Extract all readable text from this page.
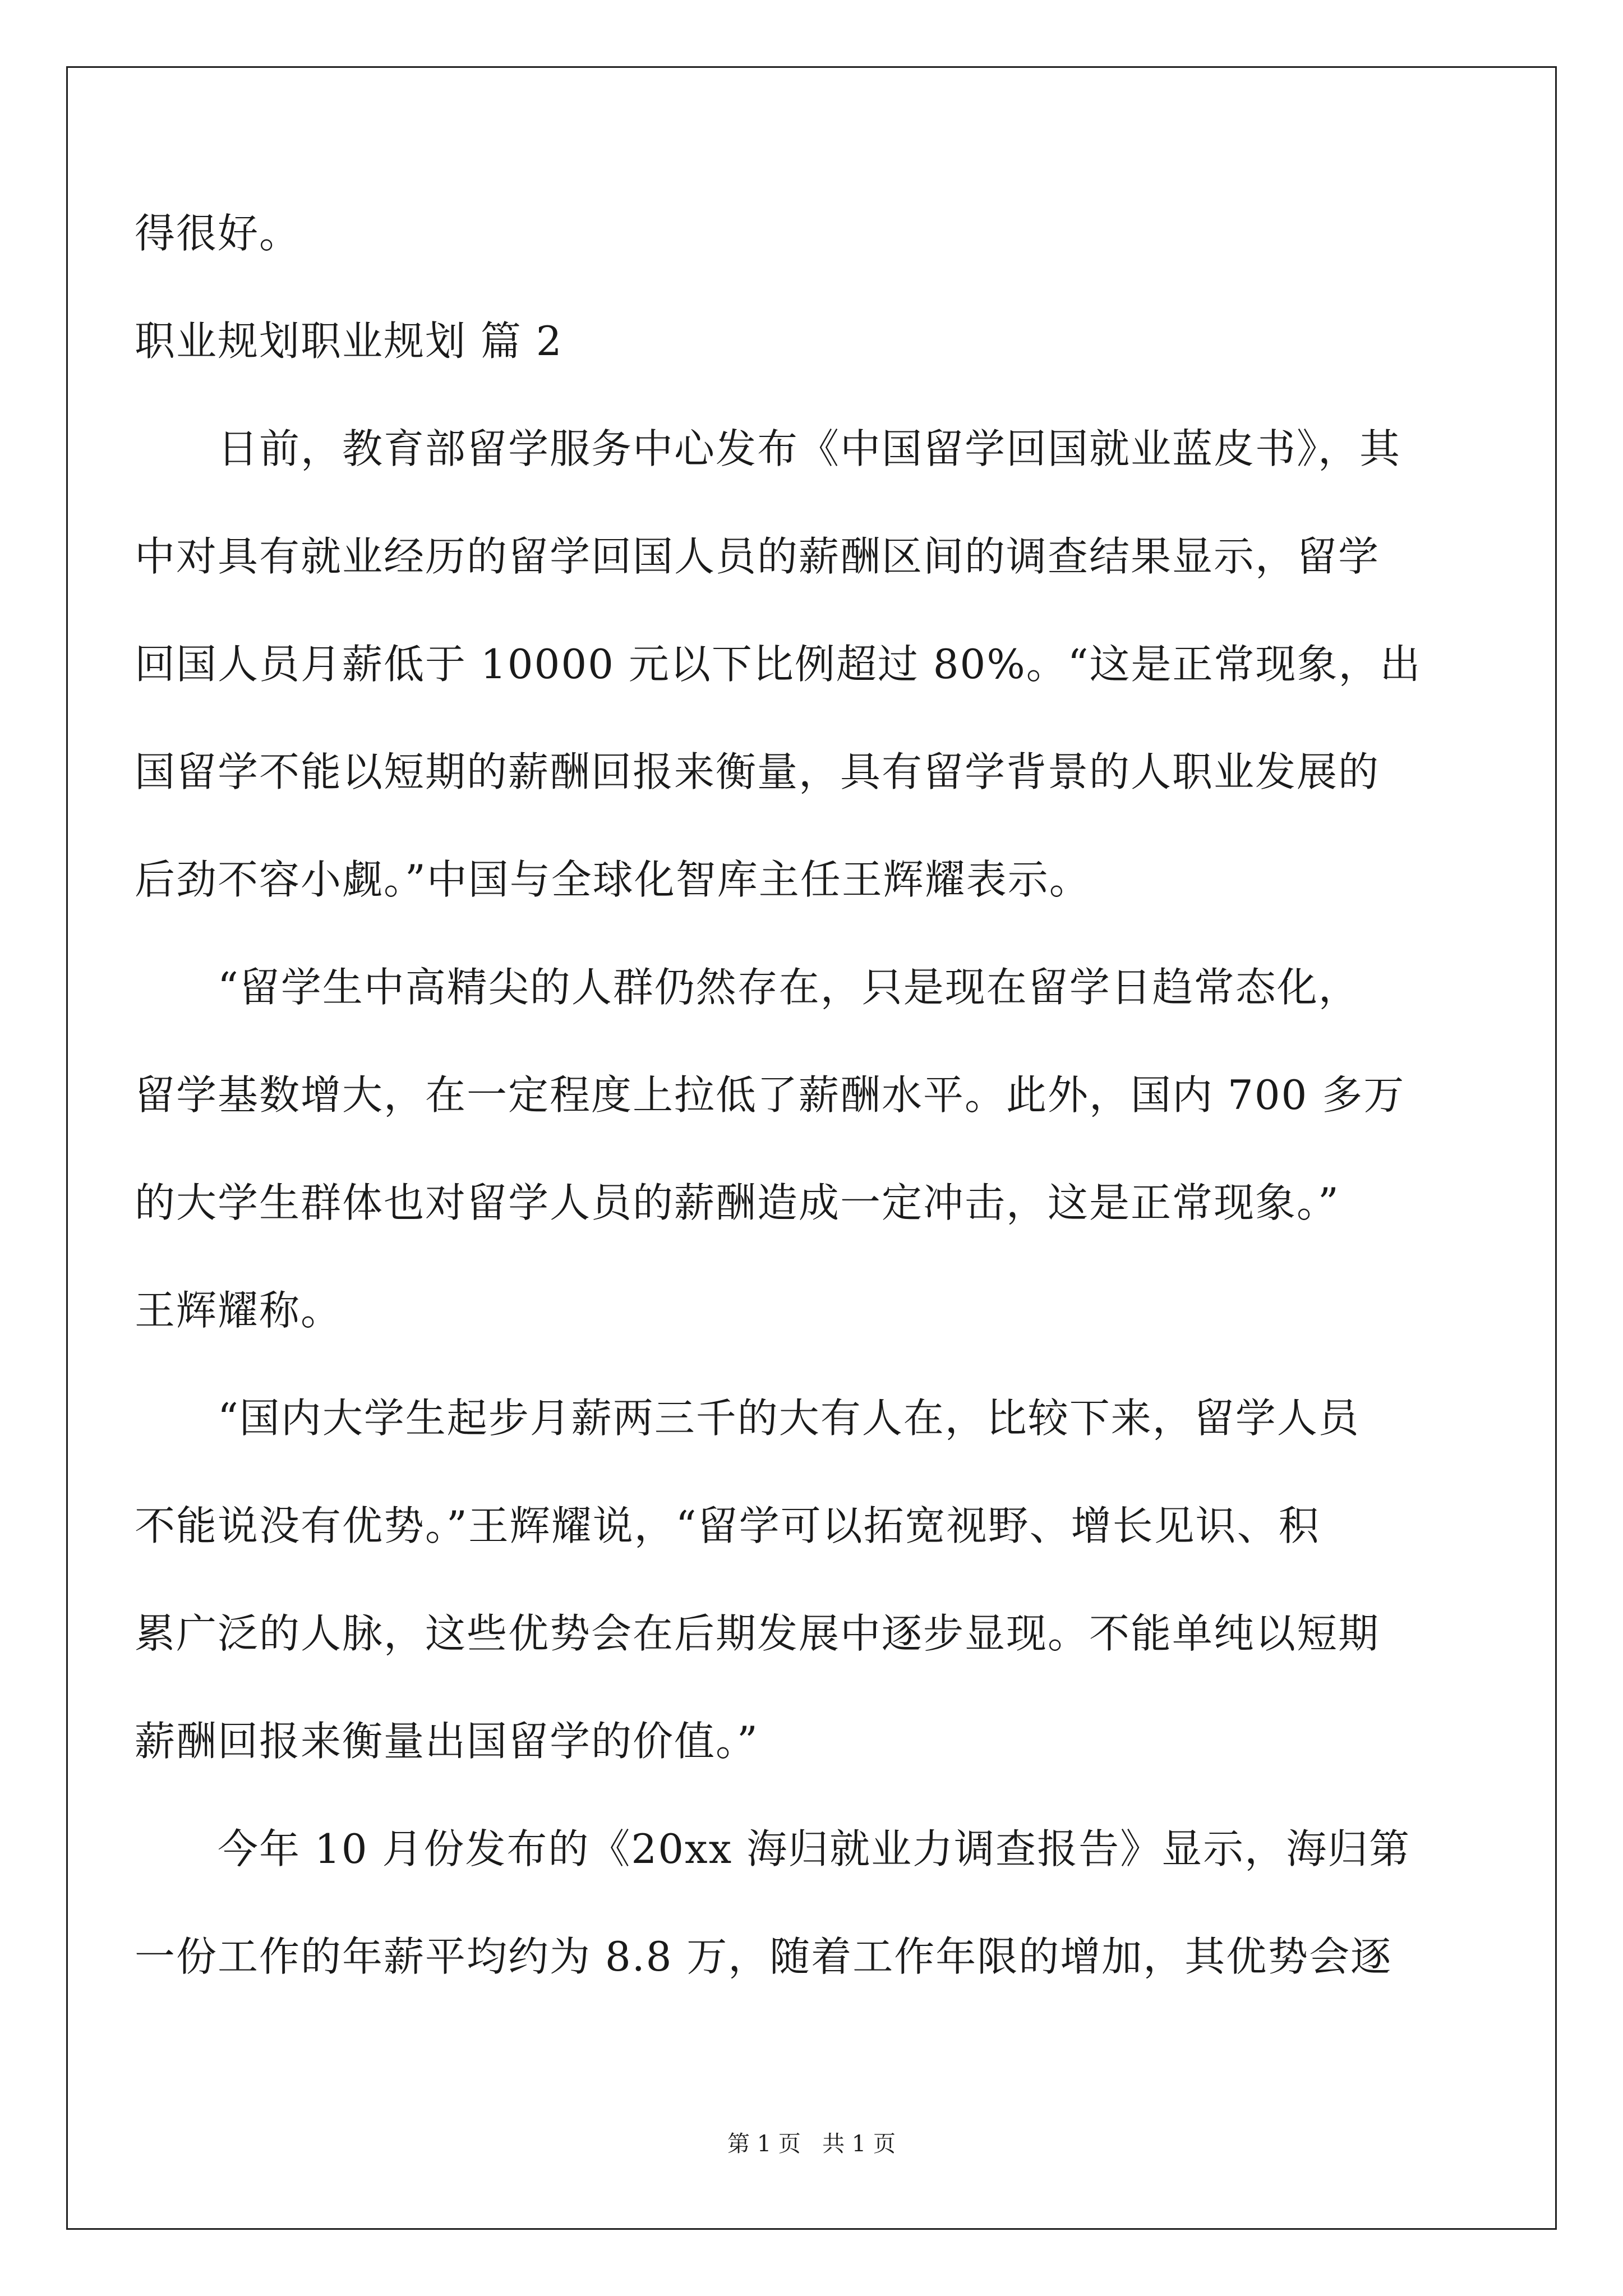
得很好。
职业规划职业规划 篇 2
日前，教育部留学服务中心发布《中国留学回国就业蓝皮书》，其
中对具有就业经历的留学回国人员的薪酬区间的调查结果显示，留学
回国人员月薪低于 10000 元以下比例超过 80%。“这是正常现象，出
国留学不能以短期的薪酬回报来衡量，具有留学背景的人职业发展的
后劲不容小觑。”中国与全球化智库主任王辉耀表示。
“留学生中高精尖的人群仍然存在，只是现在留学日趋常态化，
留学基数增大，在一定程度上拉低了薪酬水平。此外，国内 700 多万
的大学生群体也对留学人员的薪酬造成一定冲击，这是正常现象。”
王辉耀称。
“国内大学生起步月薪两三千的大有人在，比较下来，留学人员
不能说没有优势。”王辉耀说，“留学可以拓宽视野、增长见识、积
累广泛的人脉，这些优势会在后期发展中逐步显现。不能单纯以短期
薪酬回报来衡量出国留学的价值。”
今年 10 月份发布的《20xx 海归就业力调查报告》显示，海归第
一份工作的年薪平均约为 8.8 万，随着工作年限的增加，其优势会逐
第 1 页   共 1 页
